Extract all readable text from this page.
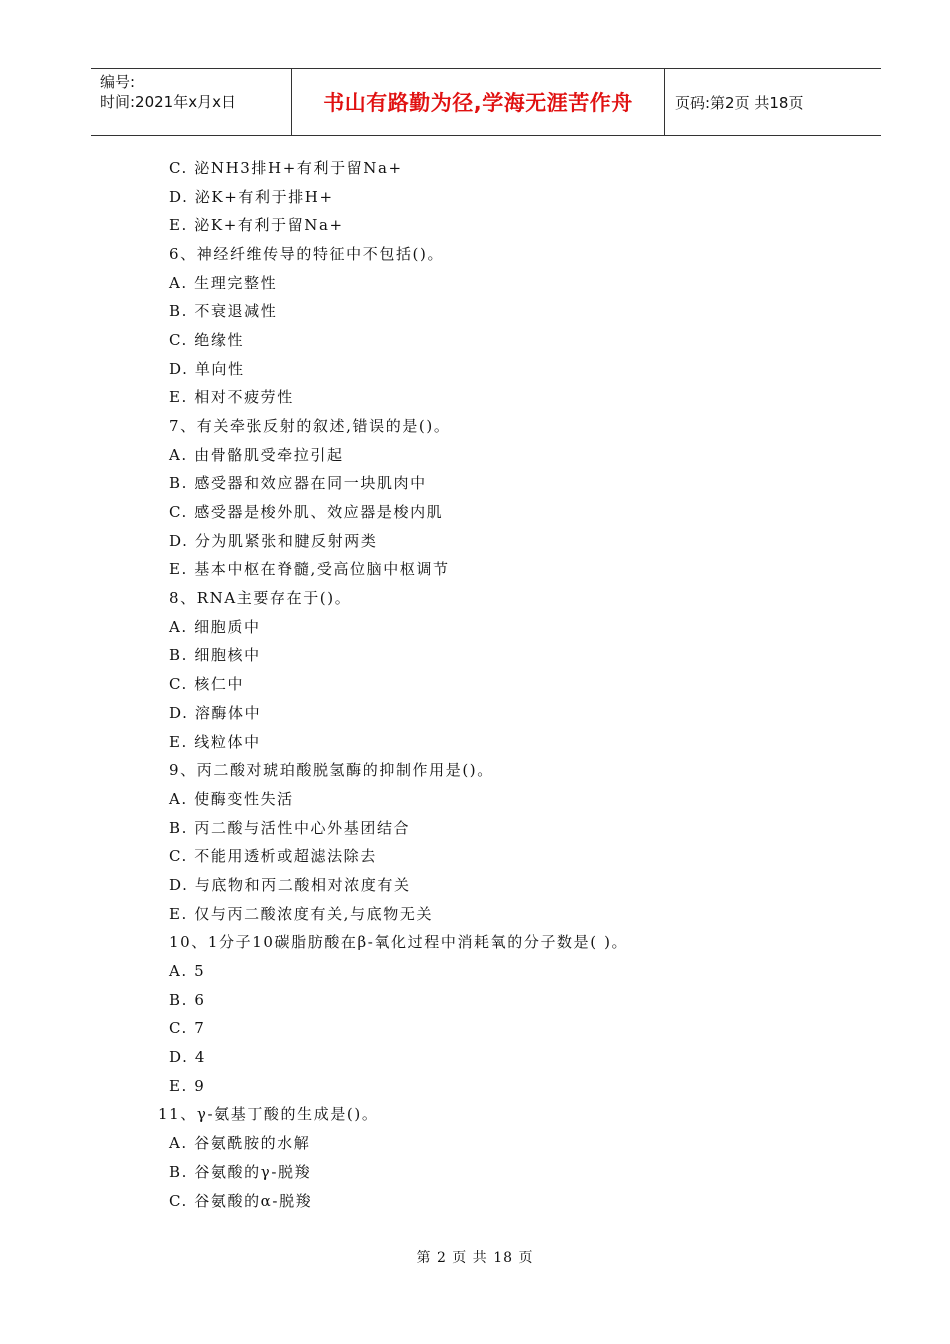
编号:
时间:2021年x月x日	书山有路勤为径,学海无涯苦作舟	页码:第2页 共18页
C. 泌NH3排H+有利于留Na+
D. 泌K+有利于排H+
E. 泌K+有利于留Na+
6、神经纤维传导的特征中不包括()。
A. 生理完整性
B. 不衰退减性
C. 绝缘性
D. 单向性
E. 相对不疲劳性
7、有关牵张反射的叙述,错误的是()。
A. 由骨骼肌受牵拉引起
B. 感受器和效应器在同一块肌肉中
C. 感受器是梭外肌、效应器是梭内肌
D. 分为肌紧张和腱反射两类
E. 基本中枢在脊髓,受高位脑中枢调节
8、RNA主要存在于()。
A. 细胞质中
B. 细胞核中
C. 核仁中
D. 溶酶体中
E. 线粒体中
9、丙二酸对琥珀酸脱氢酶的抑制作用是()。
A. 使酶变性失活
B. 丙二酸与活性中心外基团结合
C. 不能用透析或超滤法除去
D. 与底物和丙二酸相对浓度有关
E. 仅与丙二酸浓度有关,与底物无关
10、1分子10碳脂肪酸在β-氧化过程中消耗氧的分子数是( )。
A. 5
B. 6
C. 7
D. 4
E. 9
11、γ-氨基丁酸的生成是()。
A. 谷氨酰胺的水解
B. 谷氨酸的γ-脱羧
C. 谷氨酸的α-脱羧
第 2 页 共 18 页
